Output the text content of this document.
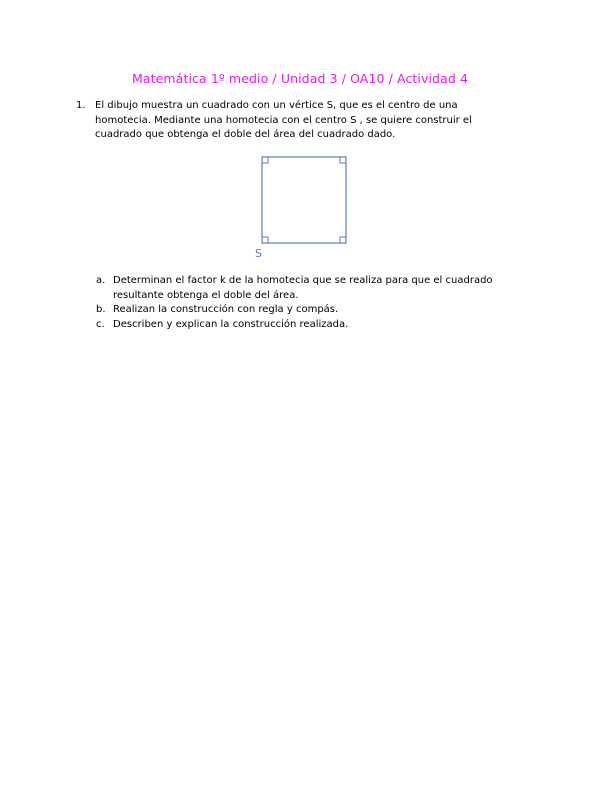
Matemática 1º medio / Unidad 3 / OA10 / Actividad 4
1. El dibujo muestra un cuadrado con un vértice S, que es el centro de una homotecia. Mediante una homotecia con el centro S , se quiere construir el cuadrado que obtenga el doble del área del cuadrado dado.
S
a. Determinan el factor k de la homotecia que se realiza para que el cuadrado resultante obtenga el doble del área.
b. Realizan la construcción con regla y compás.
c. Describen y explican la construcción realizada.
